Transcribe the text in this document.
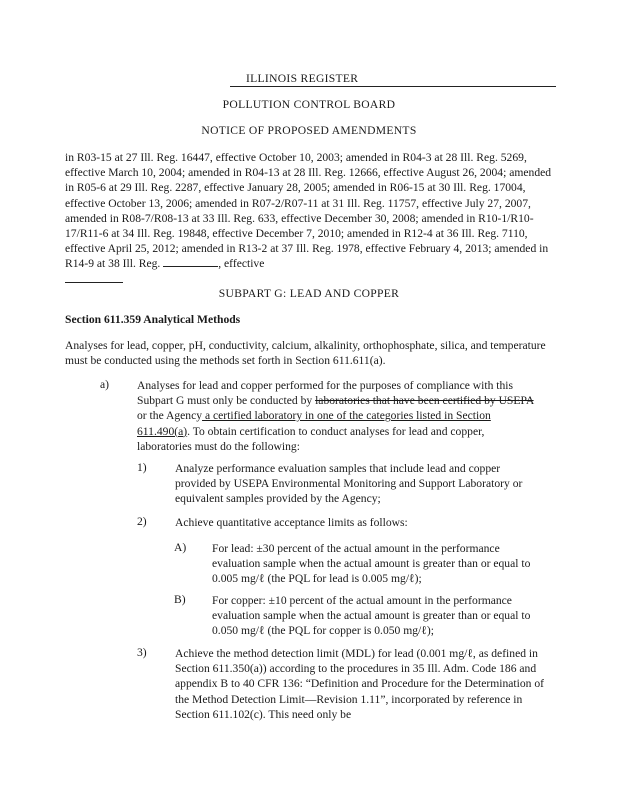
ILLINOIS REGISTER
POLLUTION CONTROL BOARD
NOTICE OF PROPOSED AMENDMENTS
in R03-15 at 27 Ill. Reg. 16447, effective October 10, 2003; amended in R04-3 at 28 Ill. Reg. 5269, effective March 10, 2004; amended in R04-13 at 28 Ill. Reg. 12666, effective August 26, 2004; amended in R05-6 at 29 Ill. Reg. 2287, effective January 28, 2005; amended in R06-15 at 30 Ill. Reg. 17004, effective October 13, 2006; amended in R07-2/R07-11 at 31 Ill. Reg. 11757, effective July 27, 2007, amended in R08-7/R08-13 at 33 Ill. Reg. 633, effective December 30, 2008; amended in R10-1/R10-17/R11-6 at 34 Ill. Reg. 19848, effective December 7, 2010; amended in R12-4 at 36 Ill. Reg. 7110, effective April 25, 2012; amended in R13-2 at 37 Ill. Reg. 1978, effective February 4, 2013; amended in R14-9 at 38 Ill. Reg.	, effective

SUBPART G: LEAD AND COPPER
Section 611.359 Analytical Methods
Analyses for lead, copper, pH, conductivity, calcium, alkalinity, orthophosphate, silica, and temperature must be conducted using the methods set forth in Section 611.611(a).
a) Analyses for lead and copper performed for the purposes of compliance with this Subpart G must only be conducted by laboratories that have been certified by USEPA or the Agency a certified laboratory in one of the categories listed in Section 611.490(a). To obtain certification to conduct analyses for lead and copper, laboratories must do the following:
1) Analyze performance evaluation samples that include lead and copper provided by USEPA Environmental Monitoring and Support Laboratory or equivalent samples provided by the Agency;
2) Achieve quantitative acceptance limits as follows:
A) For lead: ±30 percent of the actual amount in the performance evaluation sample when the actual amount is greater than or equal to 0.005 mg/ℓ (the PQL for lead is 0.005 mg/ℓ);
B) For copper: ±10 percent of the actual amount in the performance evaluation sample when the actual amount is greater than or equal to 0.050 mg/ℓ (the PQL for copper is 0.050 mg/ℓ);
3) Achieve the method detection limit (MDL) for lead (0.001 mg/ℓ, as defined in Section 611.350(a)) according to the procedures in 35 Ill. Adm. Code 186 and appendix B to 40 CFR 136: “Definition and Procedure for the Determination of the Method Detection Limit—Revision 1.11”, incorporated by reference in Section 611.102(c). This need only be
